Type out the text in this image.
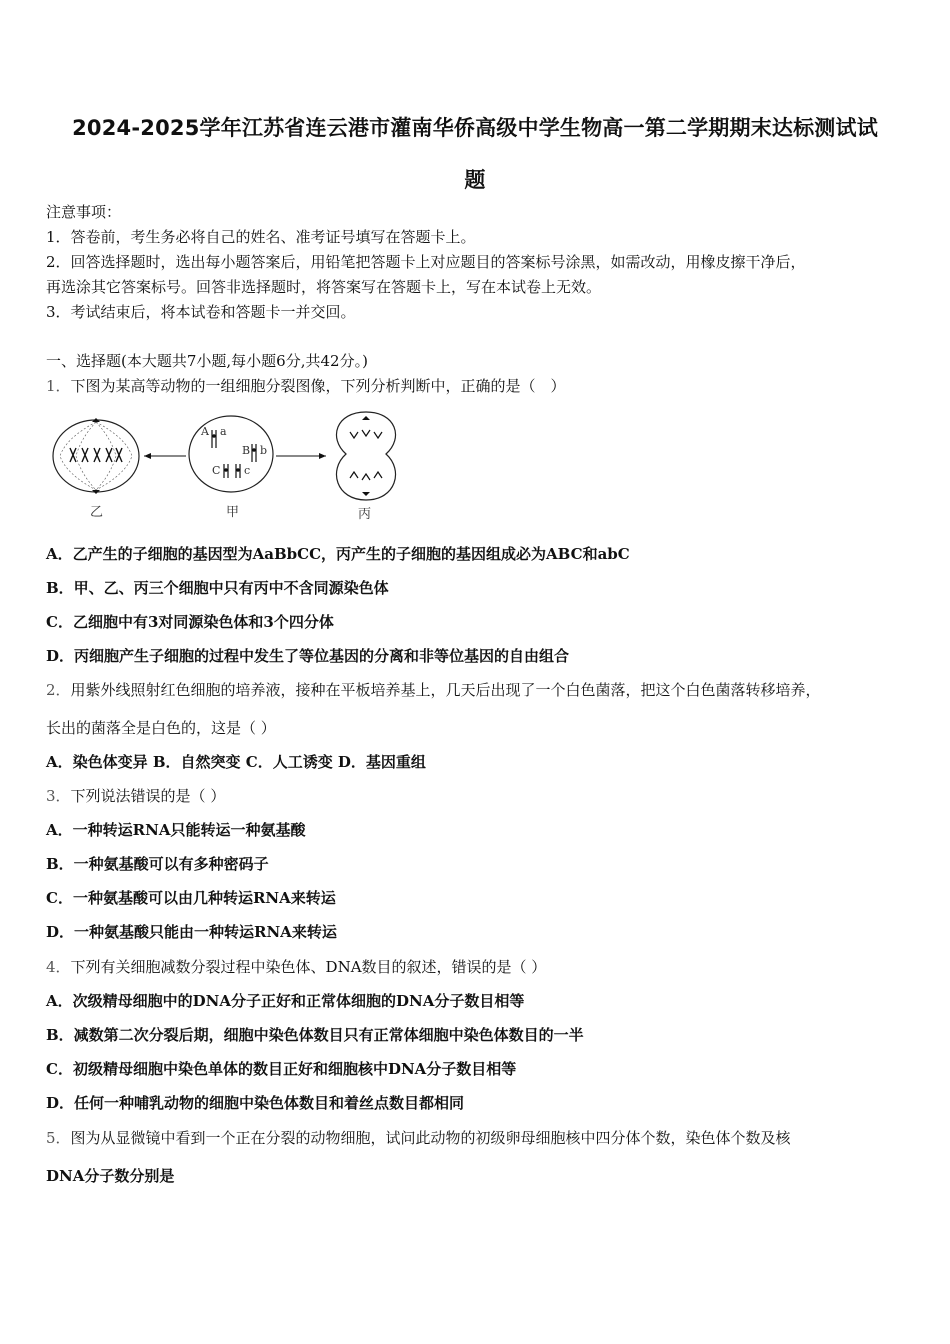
2024-2025学年江苏省连云港市灌南华侨高级中学生物高一第二学期期末达标测试试
题
注意事项：
1．答卷前，考生务必将自己的姓名、准考证号填写在答题卡上。
2．回答选择题时，选出每小题答案后，用铅笔把答题卡上对应题目的答案标号涂黑，如需改动，用橡皮擦干净后，
再选涂其它答案标号。回答非选择题时，将答案写在答题卡上，写在本试卷上无效。
3．考试结束后，将本试卷和答题卡一并交回。
一、选择题(本大题共7小题,每小题6分,共42分。)
1．下图为某高等动物的一组细胞分裂图像，下列分析判断中，正确的是（　）
A a
B b
C c
乙	甲	丙
A．乙产生的子细胞的基因型为AaBbCC，丙产生的子细胞的基因组成必为ABC和abC
B．甲、乙、丙三个细胞中只有丙中不含同源染色体
C．乙细胞中有3对同源染色体和3个四分体
D．丙细胞产生子细胞的过程中发生了等位基因的分离和非等位基因的自由组合
2．用紫外线照射红色细胞的培养液，接种在平板培养基上，几天后出现了一个白色菌落，把这个白色菌落转移培养，
长出的菌落全是白色的，这是（ ）
A．染色体变异 B．自然突变 C．人工诱变 D．基因重组
3．下列说法错误的是（ ）
A．一种转运RNA只能转运一种氨基酸
B．一种氨基酸可以有多种密码子
C．一种氨基酸可以由几种转运RNA来转运
D．一种氨基酸只能由一种转运RNA来转运
4．下列有关细胞减数分裂过程中染色体、DNA数目的叙述，错误的是（ ）
A．次级精母细胞中的DNA分子正好和正常体细胞的DNA分子数目相等
B．减数第二次分裂后期，细胞中染色体数目只有正常体细胞中染色体数目的一半
C．初级精母细胞中染色单体的数目正好和细胞核中DNA分子数目相等
D．任何一种哺乳动物的细胞中染色体数目和着丝点数目都相同
5．图为从显微镜中看到一个正在分裂的动物细胞，试问此动物的初级卵母细胞核中四分体个数，染色体个数及核
DNA分子数分别是
